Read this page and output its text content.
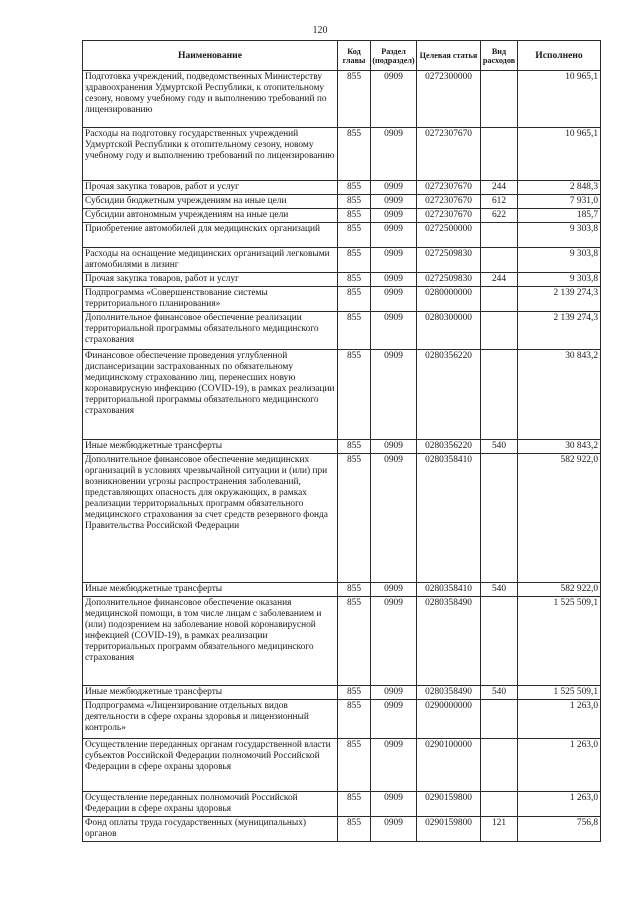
120
Наименование	Код главы	Раздел (подраздел)	Целевая статья	Вид расходов	Исполнено
Подготовка учреждений, подведомственных Министерству здравоохранения Удмуртской Республики, к отопительному сезону, новому учебному году и выполнению требований по лицензированию	855	0909	0272300000		10 965,1
Расходы на подготовку государственных учреждений Удмуртской Республики к отопительному сезону, новому учебному году и выполнению требований по лицензированию	855	0909	0272307670		10 965,1
Прочая закупка товаров, работ и услуг	855	0909	0272307670	244	2 848,3
Субсидии бюджетным учреждениям на иные цели	855	0909	0272307670	612	7 931,0
Субсидии автономным учреждениям на иные цели	855	0909	0272307670	622	185,7
Приобретение автомобилей для медицинских организаций	855	0909	0272500000		9 303,8
Расходы на оснащение медицинских организаций легковыми автомобилями в лизинг	855	0909	0272509830		9 303,8
Прочая закупка товаров, работ и услуг	855	0909	0272509830	244	9 303,8
Подпрограмма «Совершенствование системы территориального планирования»	855	0909	0280000000		2 139 274,3
Дополнительное финансовое обеспечение реализации территориальной программы обязательного медицинского страхования	855	0909	0280300000		2 139 274,3
Финансовое обеспечение проведения углубленной диспансеризации застрахованных по обязательному медицинскому страхованию лиц, перенесших новую коронавирусную инфекцию (COVID-19), в рамках реализации территориальной программы обязательного медицинского страхования	855	0909	0280356220		30 843,2
Иные межбюджетные трансферты	855	0909	0280356220	540	30 843,2
Дополнительное финансовое обеспечение медицинских организаций в условиях чрезвычайной ситуации и (или) при возникновении угрозы распространения заболеваний, представляющих опасность для окружающих, в рамках реализации территориальных программ обязательного медицинского страхования за счет средств резервного фонда Правительства Российской Федерации	855	0909	0280358410		582 922,0
Иные межбюджетные трансферты	855	0909	0280358410	540	582 922,0
Дополнительное финансовое обеспечение оказания медицинской помощи, в том числе лицам с заболеванием и (или) подозрением на заболевание новой коронавирусной инфекцией (COVID-19), в рамках реализации территориальных программ обязательного медицинского страхования	855	0909	0280358490		1 525 509,1
Иные межбюджетные трансферты	855	0909	0280358490	540	1 525 509,1
Подпрограмма «Лицензирование отдельных видов деятельности в сфере охраны здоровья и лицензионный контроль»	855	0909	0290000000		1 263,0
Осуществление переданных органам государственной власти субъектов Российской Федерации полномочий Российской Федерации в сфере охраны здоровья	855	0909	0290100000		1 263,0
Осуществление переданных полномочий Российской Федерации в сфере охраны здоровья	855	0909	0290159800		1 263,0
Фонд оплаты труда государственных (муниципальных) органов	855	0909	0290159800	121	756,8
